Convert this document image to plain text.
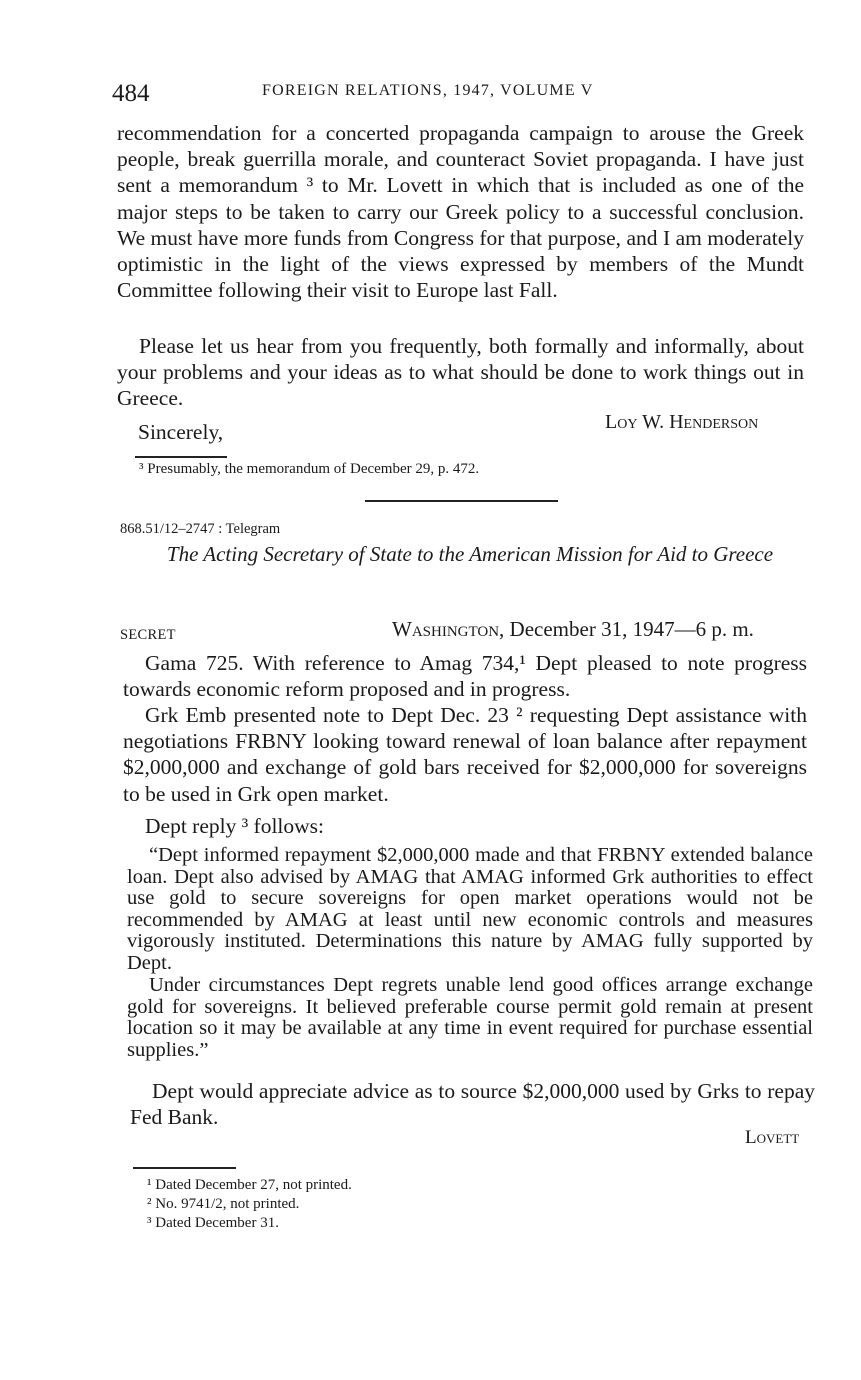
484	FOREIGN RELATIONS, 1947, VOLUME V

recommendation for a concerted propaganda campaign to arouse the Greek people, break guerrilla morale, and counteract Soviet propaganda. I have just sent a memorandum ³ to Mr. Lovett in which that is included as one of the major steps to be taken to carry our Greek policy to a successful conclusion. We must have more funds from Congress for that purpose, and I am moderately optimistic in the light of the views expressed by members of the Mundt Committee following their visit to Europe last Fall.

Please let us hear from you frequently, both formally and informally, about your problems and your ideas as to what should be done to work things out in Greece.

Sincerely,	Loy W. Henderson
³ Presumably, the memorandum of December 29, p. 472.
868.51/12–2747 : Telegram
The Acting Secretary of State to the American Mission for Aid to Greece
SECRET	Washington, December 31, 1947—6 p. m.

Gama 725. With reference to Amag 734,¹ Dept pleased to note progress towards economic reform proposed and in progress.

Grk Emb presented note to Dept Dec. 23 ² requesting Dept assistance with negotiations FRBNY looking toward renewal of loan balance after repayment $2,000,000 and exchange of gold bars received for $2,000,000 for sovereigns to be used in Grk open market.

Dept reply ³ follows:

“Dept informed repayment $2,000,000 made and that FRBNY extended balance loan. Dept also advised by AMAG that AMAG informed Grk authorities to effect use gold to secure sovereigns for open market operations would not be recommended by AMAG at least until new economic controls and measures vigorously instituted. Determinations this nature by AMAG fully supported by Dept.

Under circumstances Dept regrets unable lend good offices arrange exchange gold for sovereigns. It believed preferable course permit gold remain at present location so it may be available at any time in event required for purchase essential supplies.”

Dept would appreciate advice as to source $2,000,000 used by Grks to repay Fed Bank.

Lovett
¹ Dated December 27, not printed.
² No. 9741/2, not printed.
³ Dated December 31.
